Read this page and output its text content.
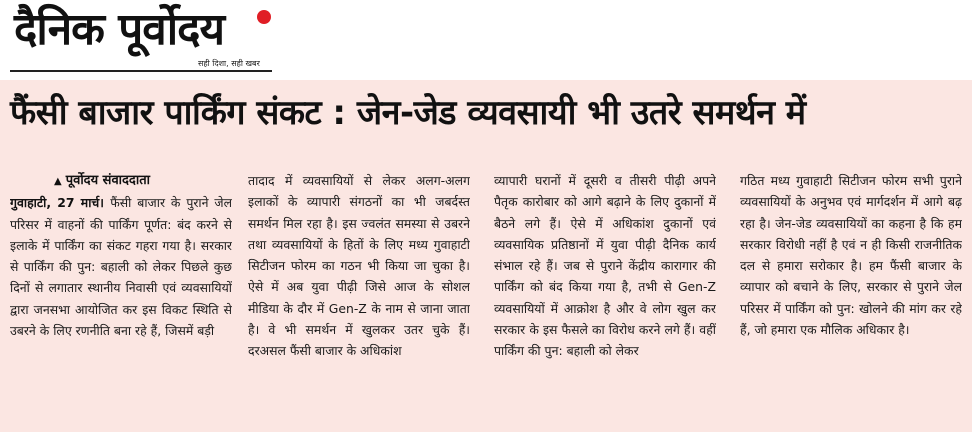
दैनिक पूर्वोदय
सही दिशा, सही खबर
फैंसी बाजार पार्किंग संकट : जेन-जेड व्यवसायी भी उतरे समर्थन में
▲ पूर्वोदय संवाददाता
गुवाहाटी, 27 मार्च। फैंसी बाजार के पुराने जेल परिसर में वाहनों की पार्किंग पूर्णत: बंद करने से इलाके में पार्किंग का संकट गहरा गया है। सरकार से पार्किंग की पुन: बहाली को लेकर पिछले कुछ दिनों से लगातार स्थानीय निवासी एवं व्यवसायियों द्वारा जनसभा आयोजित कर इस विकट स्थिति से उबरने के लिए रणनीति बना रहे हैं, जिसमें बड़ी
तादाद में व्यवसायियों से लेकर अलग-अलग इलाकों के व्यापारी संगठनों का भी जबर्दस्त समर्थन मिल रहा है। इस ज्वलंत समस्या से उबरने तथा व्यवसायियों के हितों के लिए मध्य गुवाहाटी सिटीजन फोरम का गठन भी किया जा चुका है। ऐसे में अब युवा पीढ़ी जिसे आज के सोशल मीडिया के दौर में Gen-Z के नाम से जाना जाता है। वे भी समर्थन में खुलकर उतर चुके हैं। दरअसल फैंसी बाजार के अधिकांश
व्यापारी घरानों में दूसरी व तीसरी पीढ़ी अपने पैतृक कारोबार को आगे बढ़ाने के लिए दुकानों में बैठने लगे हैं। ऐसे में अधिकांश दुकानों एवं व्यवसायिक प्रतिष्ठानों में युवा पीढ़ी दैनिक कार्य संभाल रहे हैं। जब से पुराने केंद्रीय कारागार की पार्किंग को बंद किया गया है, तभी से Gen-Z व्यवसायियों में आक्रोश है और वे लोग खुल कर सरकार के इस फैसले का विरोध करने लगे हैं। वहीं पार्किंग की पुन: बहाली को लेकर
गठित मध्य गुवाहाटी सिटीजन फोरम सभी पुराने व्यवसायियों के अनुभव एवं मार्गदर्शन में आगे बढ़ रहा है। जेन-जेड व्यवसायियों का कहना है कि हम सरकार विरोधी नहीं है एवं न ही किसी राजनीतिक दल से हमारा सरोकार है। हम फैंसी बाजार के व्यापार को बचाने के लिए, सरकार से पुराने जेल परिसर में पार्किंग को पुन: खोलने की मांग कर रहे हैं, जो हमारा एक मौलिक अधिकार है।
